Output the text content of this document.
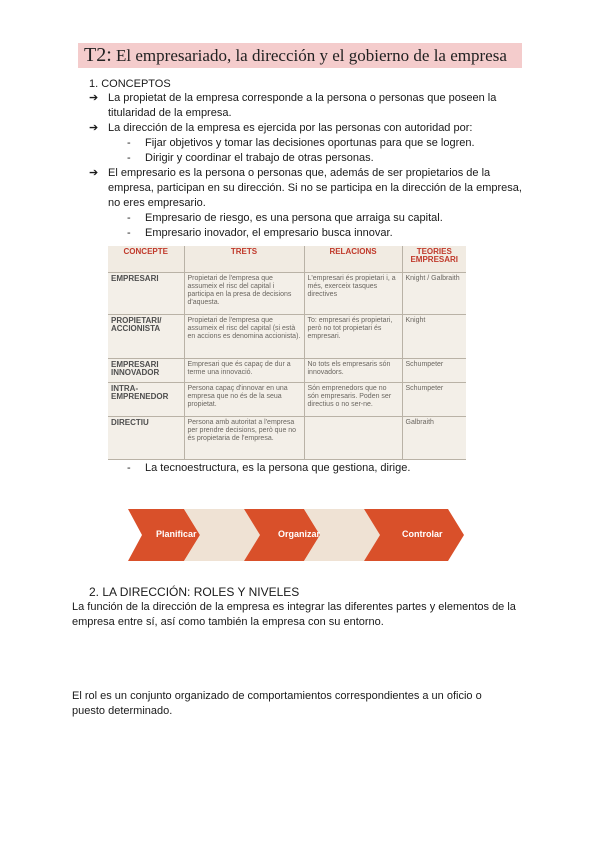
T2: El empresariado, la dirección y el gobierno de la empresa
1. CONCEPTOS
➔ La propietat de la empresa corresponde a la persona o personas que poseen la
titularidad de la empresa.
➔ La dirección de la empresa es ejercida por las personas con autoridad por:
- Fijar objetivos y tomar las decisiones oportunas para que se logren.
- Dirigir y coordinar el trabajo de otras personas.
➔ El empresario es la persona o personas que, además de ser propietarios de la
empresa, participan en su dirección. Si no se participa en la dirección de la empresa,
no eres empresario.
- Empresario de riesgo, es una persona que arraiga su capital.
- Empresario inovador, el empresario busca innovar.
CONCEPTE	TRETS	RELACIONS	TEORIES EMPRESARI
EMPRESARI	Propietari de l'empresa que assumeix el risc del capital i participa en la presa de decisions d'aquesta.	L'empresari és propietari i, a més, exerceix tasques directives	Knight / Galbraith
PROPIETARI/ ACCIONISTA	Propietari de l'empresa que assumeix el risc del capital (si està en accions es denomina accionista).	To: empresari és propietari, però no tot propietari és empresari.	Knight
EMPRESARI INNOVADOR	Empresari que és capaç de dur a terme una innovació.	No tots els empresaris són innovadors.	Schumpeter
INTRA-EMPRENEDOR	Persona capaç d'innovar en una empresa que no és de la seua propietat.	Són emprenedors que no són empresaris. Poden ser directius o no ser-ne.	Schumpeter
DIRECTIU	Persona amb autoritat a l'empresa per prendre decisions, però que no és propietaria de l'empresa.		Galbraith
- La tecnoestructura, es la persona que gestiona, dirige.
Planificar	Organizar	Controlar
2. LA DIRECCIÓN: ROLES Y NIVELES
La función de la dirección de la empresa es integrar las diferentes partes y elementos de la
empresa entre sí, así como también la empresa con su entorno.
El rol es un conjunto organizado de comportamientos correspondientes a un oficio o
puesto determinado.
